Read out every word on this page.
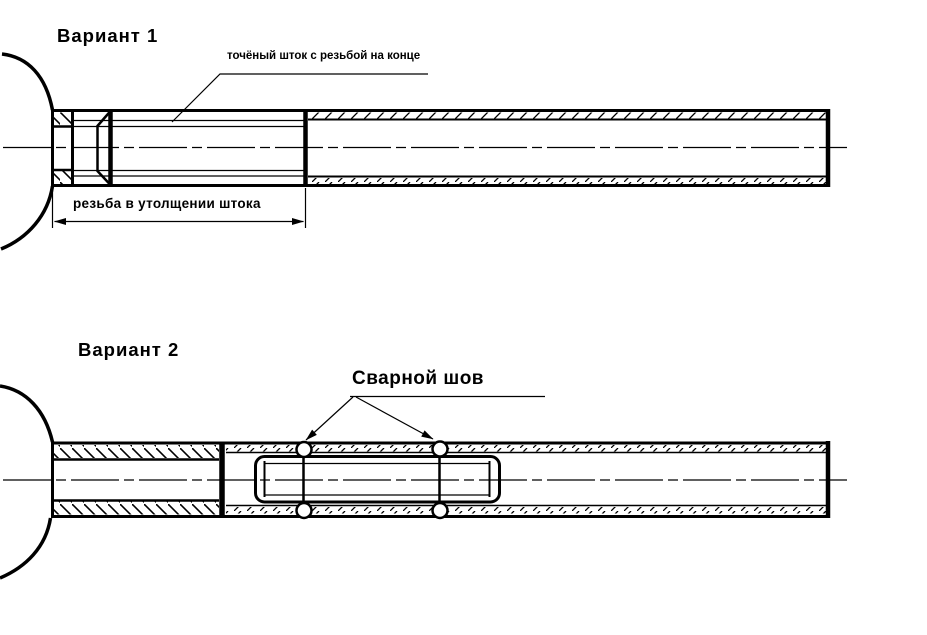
Вариант 1
точёный шток с резьбой на конце
резьба в утолщении штока
Вариант 2
Сварной шов
